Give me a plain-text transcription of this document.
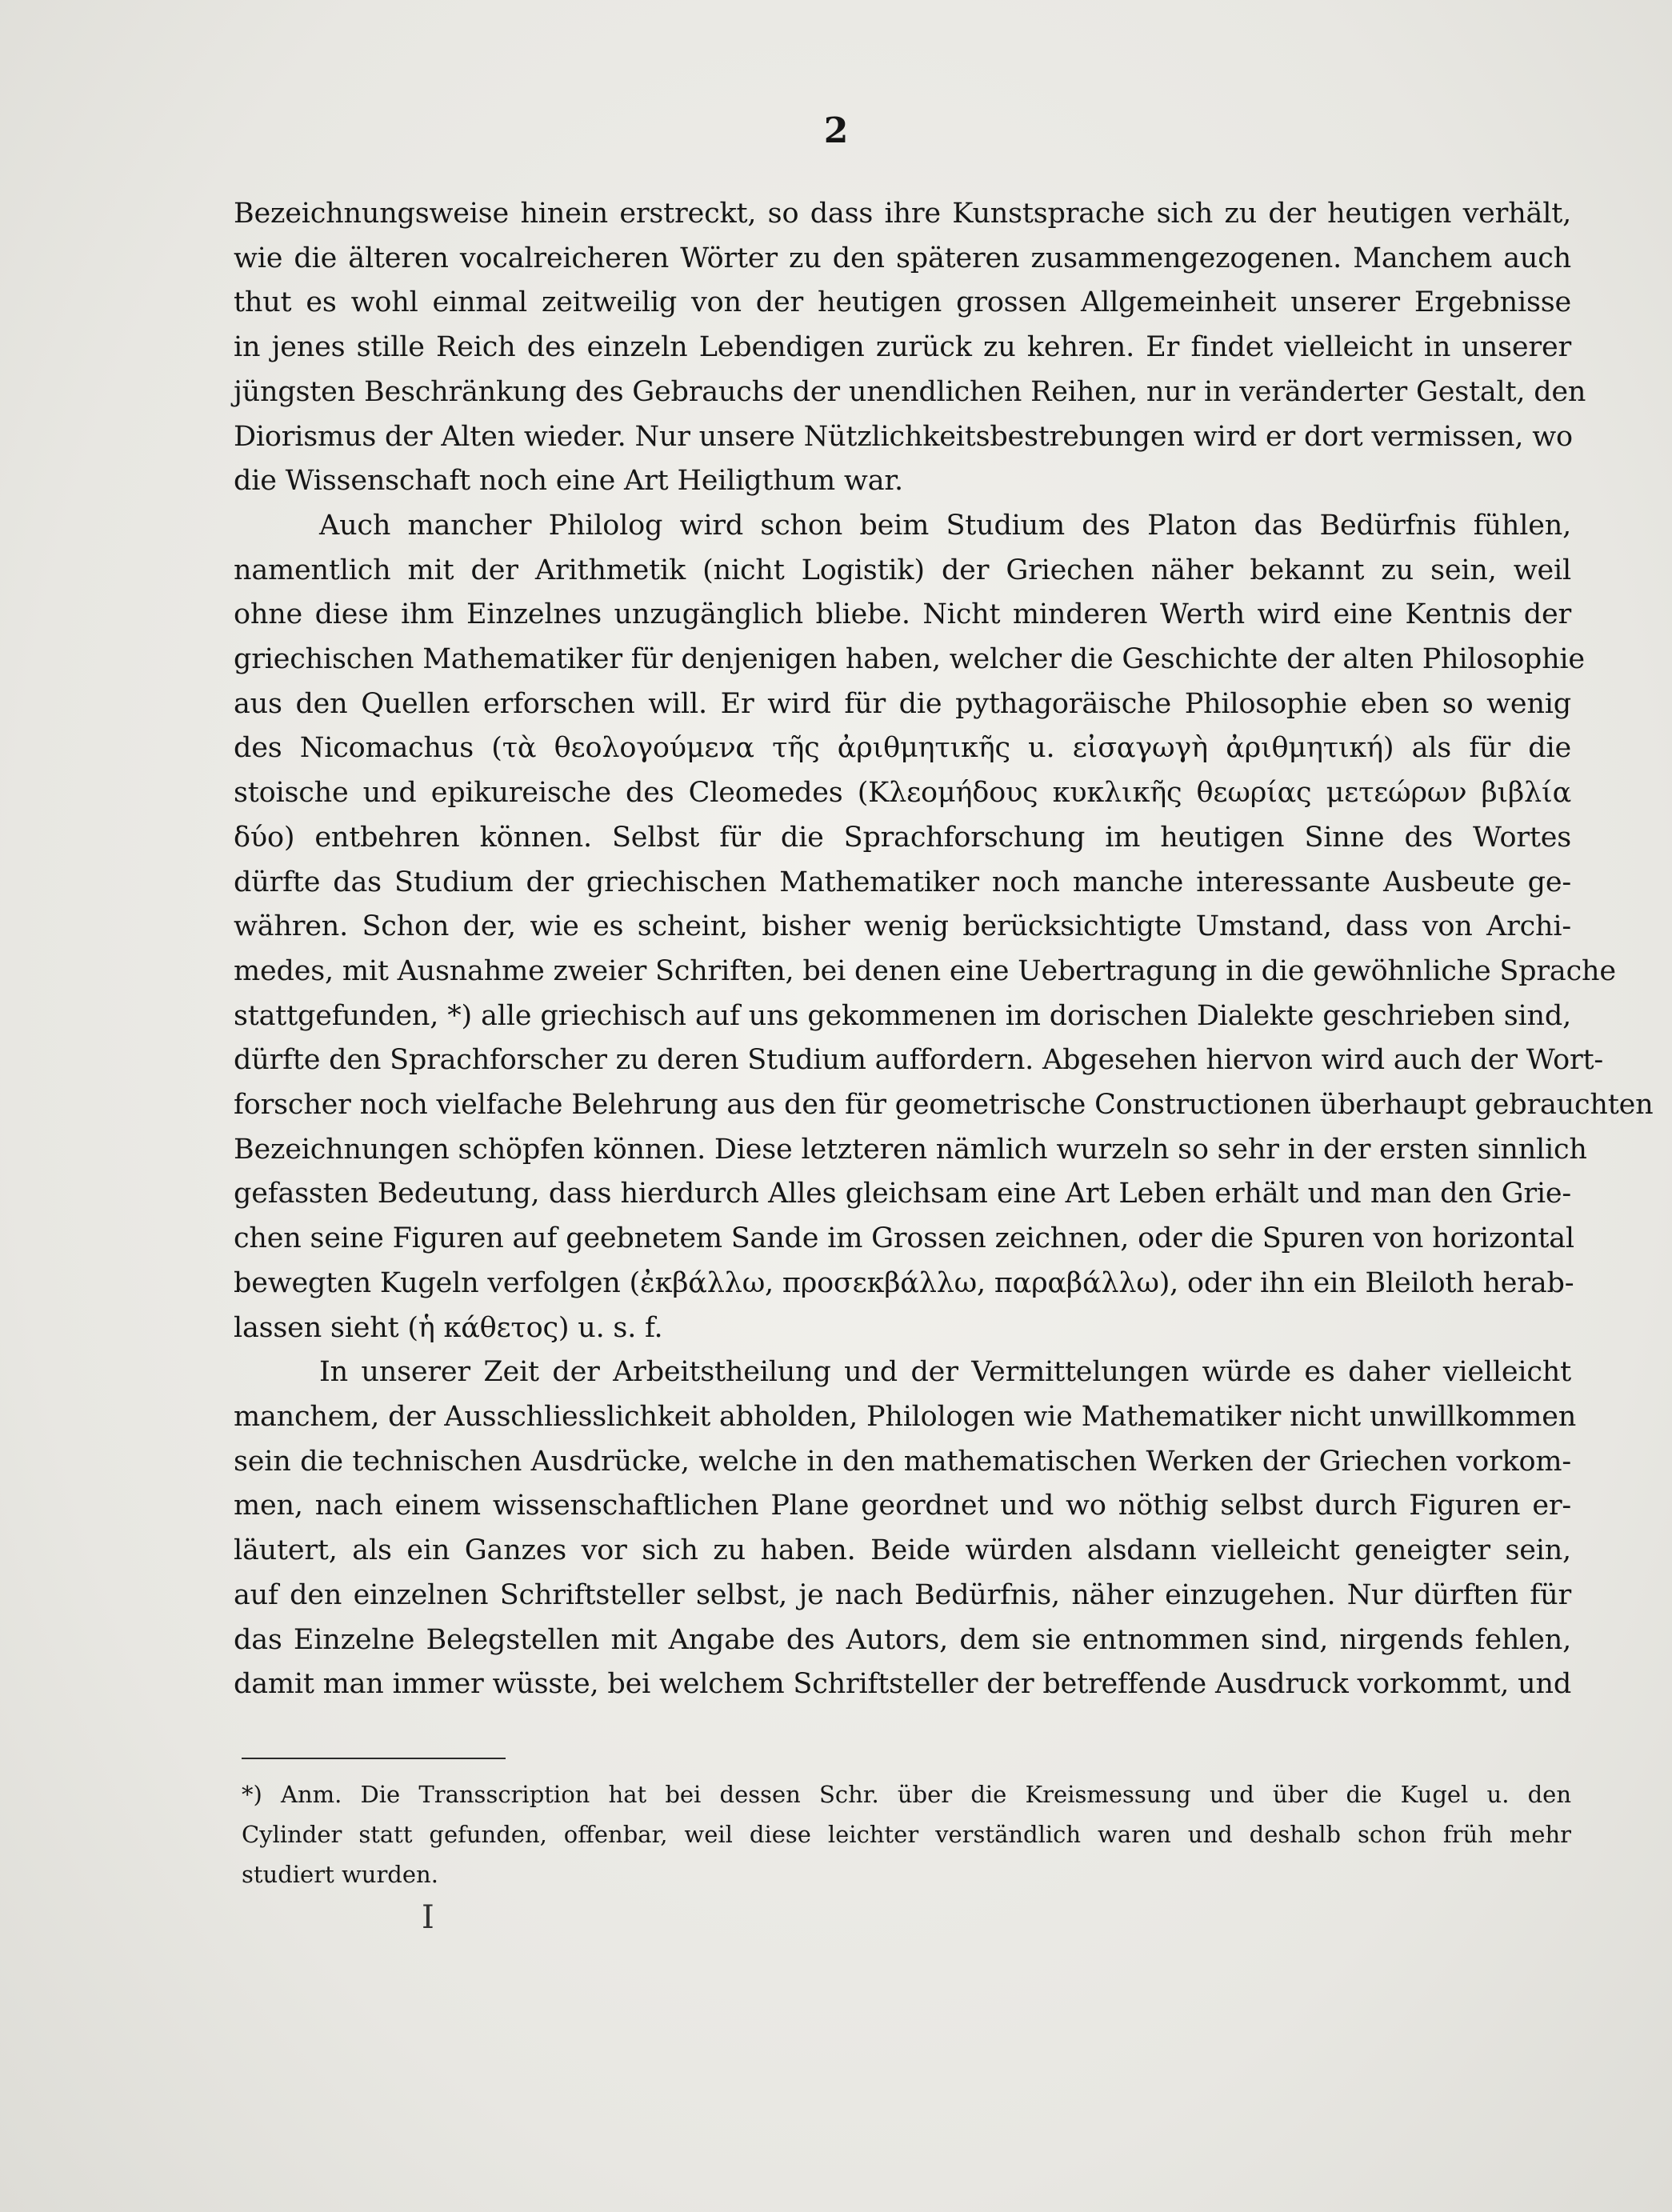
2

Bezeichnungsweise hinein erstreckt, so dass ihre Kunstsprache sich zu der heutigen verhält,
wie die älteren vocalreicheren Wörter zu den späteren zusammengezogenen. Manchem auch
thut es wohl einmal zeitweilig von der heutigen grossen Allgemeinheit unserer Ergebnisse
in jenes stille Reich des einzeln Lebendigen zurück zu kehren. Er findet vielleicht in unserer
jüngsten Beschränkung des Gebrauchs der unendlichen Reihen, nur in veränderter Gestalt, den
Diorismus der Alten wieder. Nur unsere Nützlichkeitsbestrebungen wird er dort vermissen, wo
die Wissenschaft noch eine Art Heiligthum war.

Auch mancher Philolog wird schon beim Studium des Platon das Bedürfnis fühlen,
namentlich mit der Arithmetik (nicht Logistik) der Griechen näher bekannt zu sein, weil
ohne diese ihm Einzelnes unzugänglich bliebe. Nicht minderen Werth wird eine Kentnis der
griechischen Mathematiker für denjenigen haben, welcher die Geschichte der alten Philosophie
aus den Quellen erforschen will. Er wird für die pythagoräische Philosophie eben so wenig
des Nicomachus (τὰ θεολογούμενα τῆς ἀριθμητικῆς u. εἰσαγωγὴ ἀριθμητική) als für die
stoische und epikureische des Cleomedes (Κλεομήδους κυκλικῆς θεωρίας μετεώρων βιβλία
δύο) entbehren können. Selbst für die Sprachforschung im heutigen Sinne des Wortes
dürfte das Studium der griechischen Mathematiker noch manche interessante Ausbeute ge-
währen. Schon der, wie es scheint, bisher wenig berücksichtigte Umstand, dass von Archi-
medes, mit Ausnahme zweier Schriften, bei denen eine Uebertragung in die gewöhnliche Sprache
stattgefunden, *) alle griechisch auf uns gekommenen im dorischen Dialekte geschrieben sind,
dürfte den Sprachforscher zu deren Studium auffordern. Abgesehen hiervon wird auch der Wort-
forscher noch vielfache Belehrung aus den für geometrische Constructionen überhaupt gebrauchten
Bezeichnungen schöpfen können. Diese letzteren nämlich wurzeln so sehr in der ersten sinnlich
gefassten Bedeutung, dass hierdurch Alles gleichsam eine Art Leben erhält und man den Grie-
chen seine Figuren auf geebnetem Sande im Grossen zeichnen, oder die Spuren von horizontal
bewegten Kugeln verfolgen (ἐκβάλλω, προσεκβάλλω, παραβάλλω), oder ihn ein Bleiloth herab-
lassen sieht (ἡ κάθετος) u. s. f.

In unserer Zeit der Arbeitstheilung und der Vermittelungen würde es daher vielleicht
manchem, der Ausschliesslichkeit abholden, Philologen wie Mathematiker nicht unwillkommen
sein die technischen Ausdrücke, welche in den mathematischen Werken der Griechen vorkom-
men, nach einem wissenschaftlichen Plane geordnet und wo nöthig selbst durch Figuren er-
läutert, als ein Ganzes vor sich zu haben. Beide würden alsdann vielleicht geneigter sein,
auf den einzelnen Schriftsteller selbst, je nach Bedürfnis, näher einzugehen. Nur dürften für
das Einzelne Belegstellen mit Angabe des Autors, dem sie entnommen sind, nirgends fehlen,
damit man immer wüsste, bei welchem Schriftsteller der betreffende Ausdruck vorkommt, und

*) Anm. Die Transscription hat bei dessen Schr. über die Kreismessung und über die Kugel u. den
Cylinder statt gefunden, offenbar, weil diese leichter verständlich waren und deshalb schon früh mehr
studiert wurden.
I
